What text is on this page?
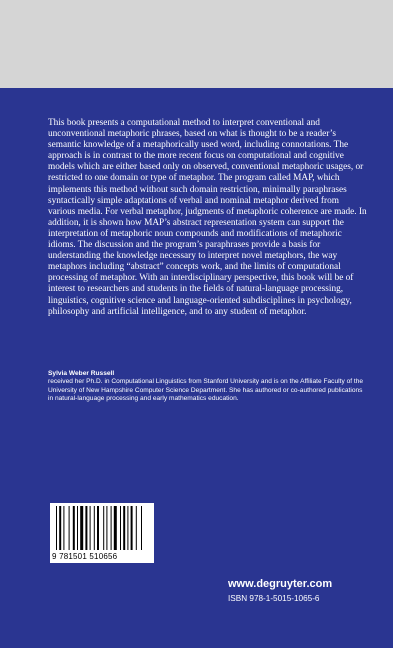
This book presents a computational method to interpret conventional and unconventional metaphoric phrases, based on what is thought to be a reader’s semantic knowledge of a metaphorically used word, including connotations. The approach is in contrast to the more recent focus on computational and cognitive models which are either based only on observed, conventional metaphoric usages, or restricted to one domain or type of metaphor. The program called MAP, which implements this method without such domain restriction, minimally paraphrases syntactically simple adaptations of verbal and nominal metaphor derived from various media. For verbal metaphor, judgments of metaphoric coherence are made. In addition, it is shown how MAP’s abstract representation system can support the interpretation of metaphoric noun compounds and modifications of metaphoric idioms. The discussion and the program’s paraphrases provide a basis for understanding the knowledge necessary to interpret novel metaphors, the way metaphors including “abstract” concepts work, and the limits of computational processing of metaphor. With an interdisciplinary perspective, this book will be of interest to researchers and students in the fields of natural-language processing, linguistics, cognitive science and language-oriented subdisciplines in psychology, philosophy and artificial intelligence, and to any student of metaphor.

Sylvia Weber Russell
received her Ph.D. in Computational Linguistics from Stanford University and is on the Affiliate Faculty of the University of New Hampshire Computer Science Department. She has authored or co-authored publications in natural-language processing and early mathematics education.
www.degruyter.com
ISBN 978-1-5015-1065-6
9 781501 510656
